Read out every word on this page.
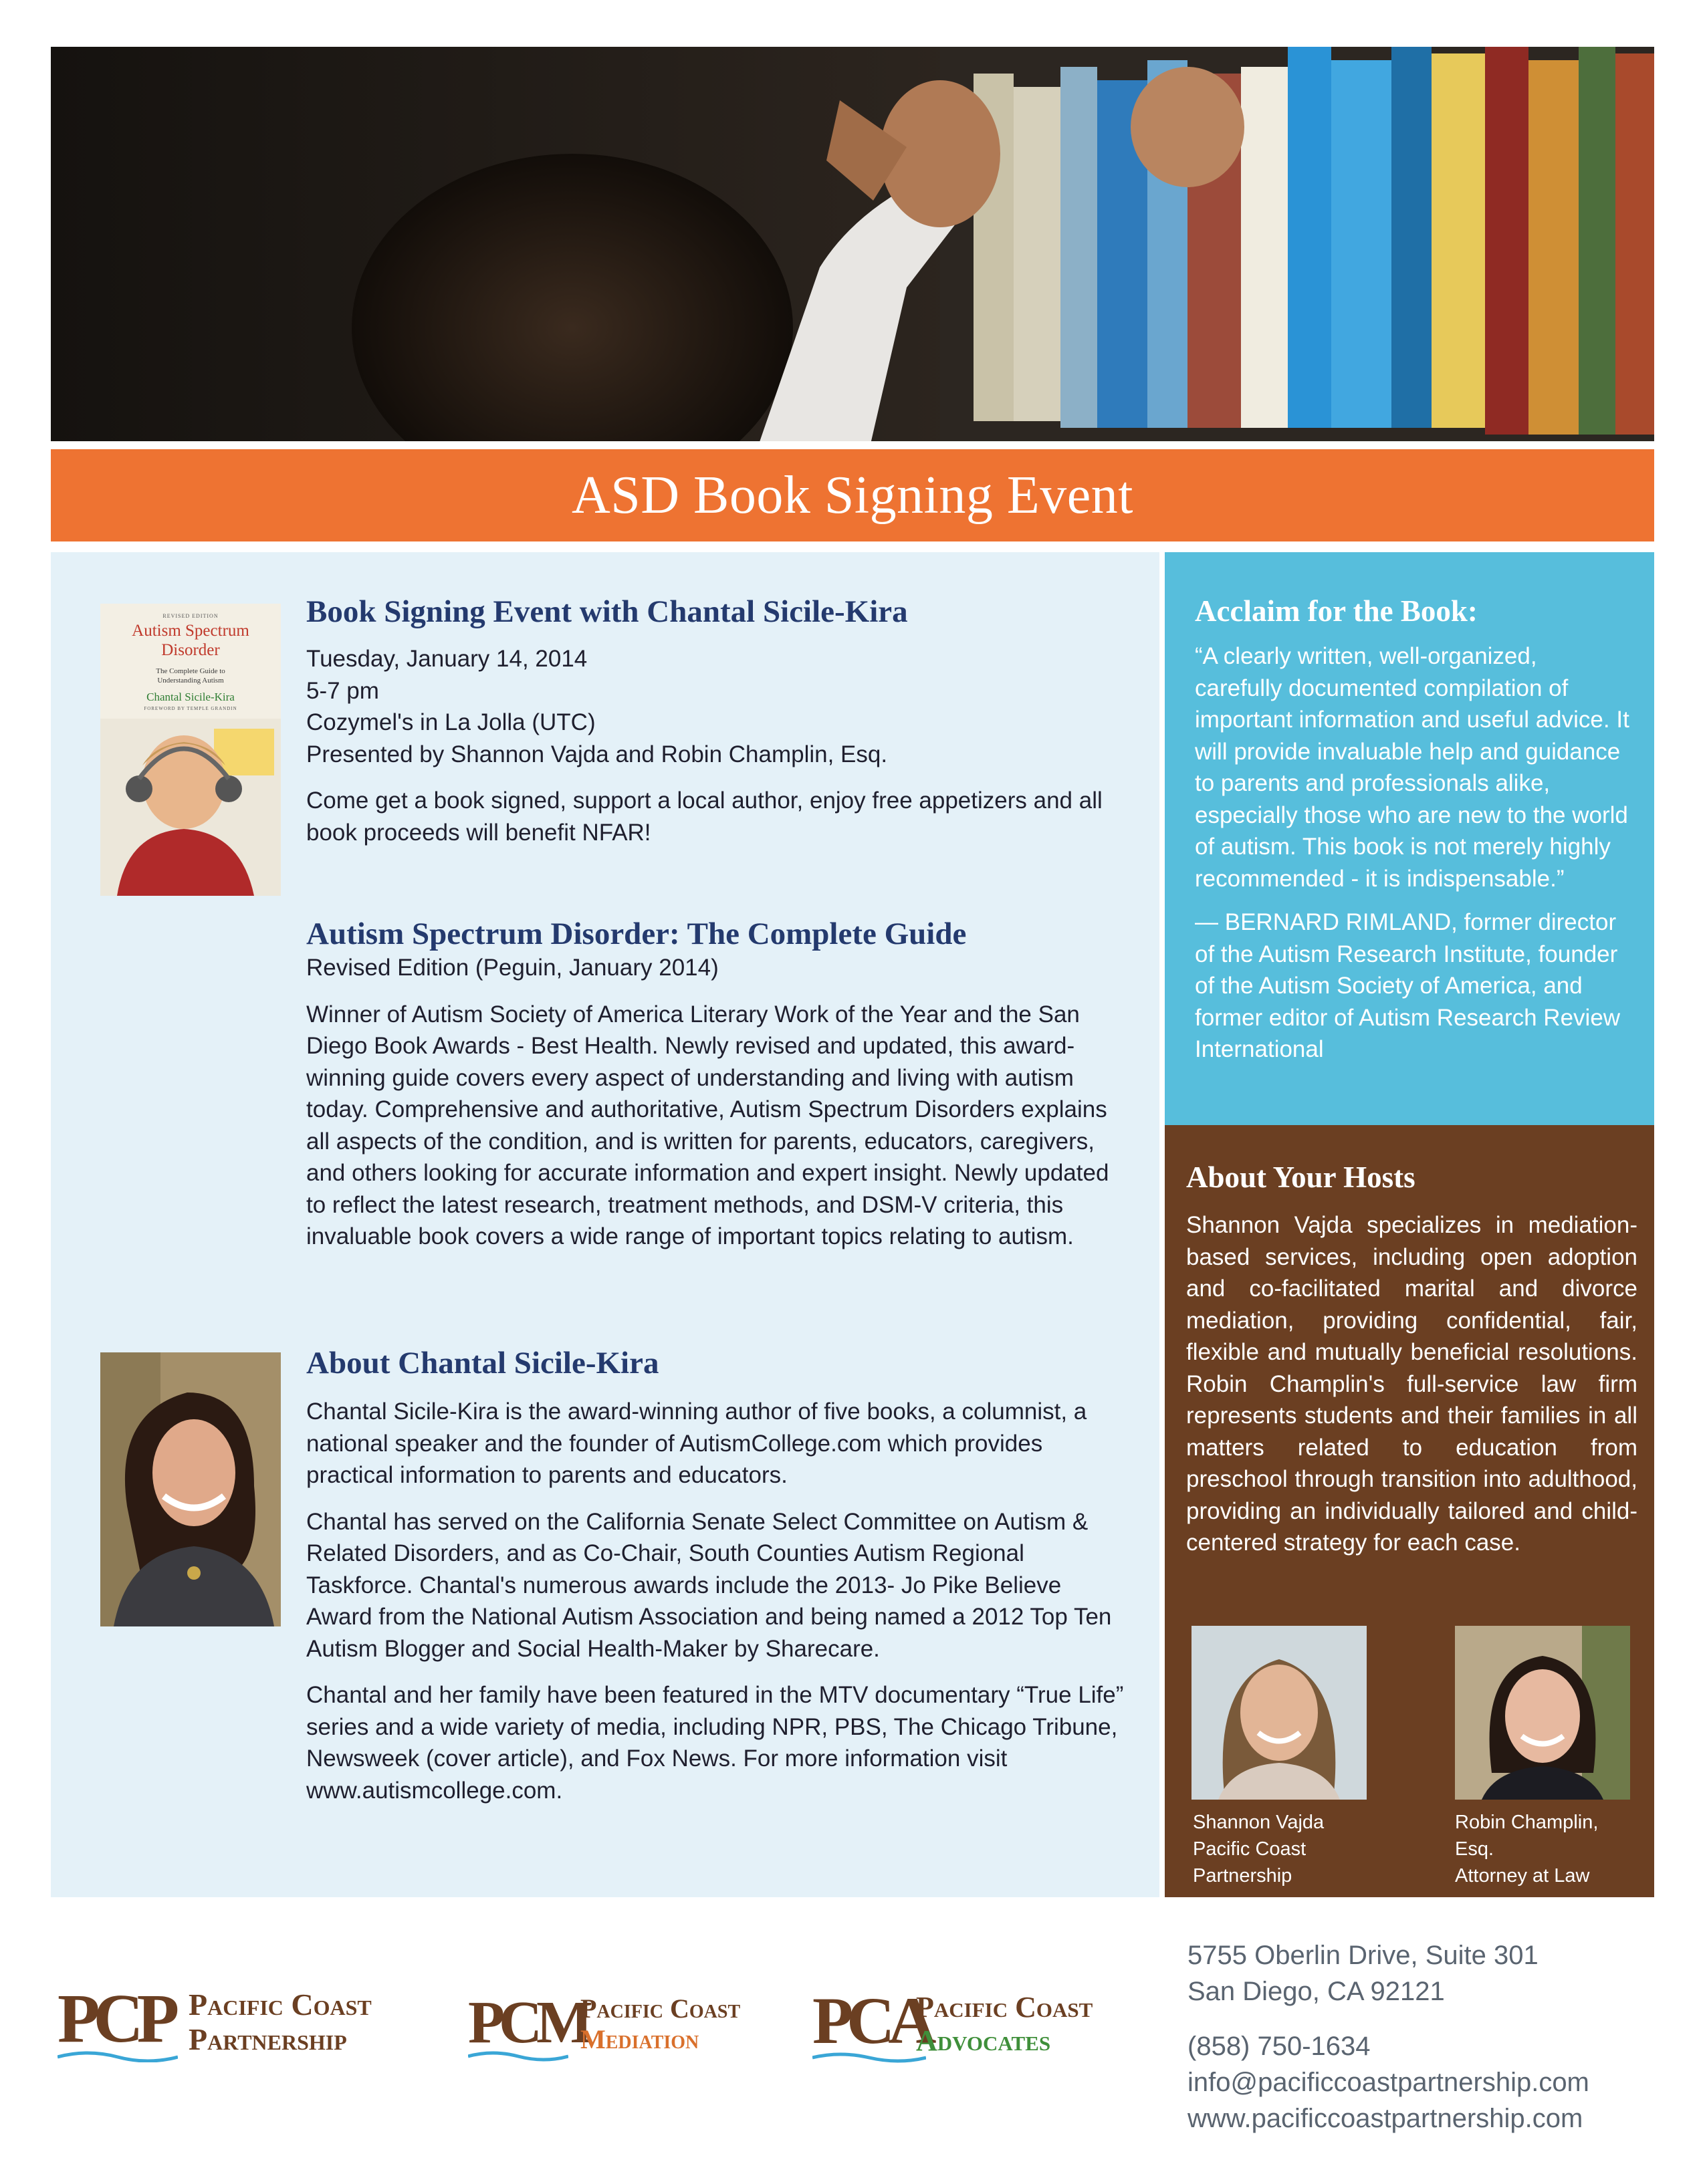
ASD Book Signing Event
REVISED EDITION
Autism Spectrum Disorder
The Complete Guide to Understanding Autism
Chantal Sicile-Kira
FOREWORD BY TEMPLE GRANDIN
Book Signing Event with Chantal Sicile-Kira

Tuesday, January 14, 2014

5-7 pm

Cozymel's in La Jolla (UTC)

Presented by Shannon Vajda and Robin Champlin, Esq.

Come get a book signed, support a local author, enjoy free appetizers and all book proceeds will benefit NFAR!

Autism Spectrum Disorder: The Complete Guide

Revised Edition (Peguin, January 2014)

Winner of Autism Society of America Literary Work of the Year and the San Diego Book Awards - Best Health. Newly revised and updated, this award-winning guide covers every aspect of understanding and living with autism today. Comprehensive and authoritative, Autism Spectrum Disorders explains all aspects of the condition, and is written for parents, educators, caregivers, and others looking for accurate information and expert insight. Newly updated to reflect the latest research, treatment methods, and DSM-V criteria, this invaluable book covers a wide range of important topics relating to autism.

About Chantal Sicile-Kira

Chantal Sicile-Kira is the award-winning author of five books, a columnist, a national speaker and the founder of AutismCollege.com which provides practical information to parents and educators.

Chantal has served on the California Senate Select Committee on Autism & Related Disorders, and as Co-Chair, South Counties Autism Regional Taskforce. Chantal's numerous awards include the 2013- Jo Pike Believe Award from the National Autism Association and being named a 2012 Top Ten Autism Blogger and Social Health-Maker by Sharecare.

Chantal and her family have been featured in the MTV documentary “True Life” series and a wide variety of media, including NPR, PBS, The Chicago Tribune, Newsweek (cover article), and Fox News. For more information visit www.autismcollege.com.

Acclaim for the Book:

“A clearly written, well-organized, carefully documented compilation of important information and useful advice. It will provide invaluable help and guidance to parents and professionals alike, especially those who are new to the world of autism. This book is not merely highly recommended - it is indispensable.”

— BERNARD RIMLAND, former director of the Autism Research Institute, founder of the Autism Society of America, and former editor of Autism Research Review International

About Your Hosts

Shannon Vajda specializes in mediation-based services, including open adoption and co-facilitated marital and divorce mediation, providing confidential, fair, flexible and mutually beneficial resolutions. Robin Champlin's full-service law firm represents students and their families in all matters related to education from preschool through transition into adulthood, providing an individually tailored and child-centered strategy for each case.

Shannon Vajda
Pacific Coast
Partnership
Robin Champlin, Esq.
Attorney at Law
PCP Pacific Coast
Partnership PCM
Pacific Coast
Mediation PCA
Pacific Coast
Advocates
5755 Oberlin Drive, Suite 301
San Diego, CA 92121
(858) 750-1634
info@pacificcoastpartnership.com
www.pacificcoastpartnership.com
